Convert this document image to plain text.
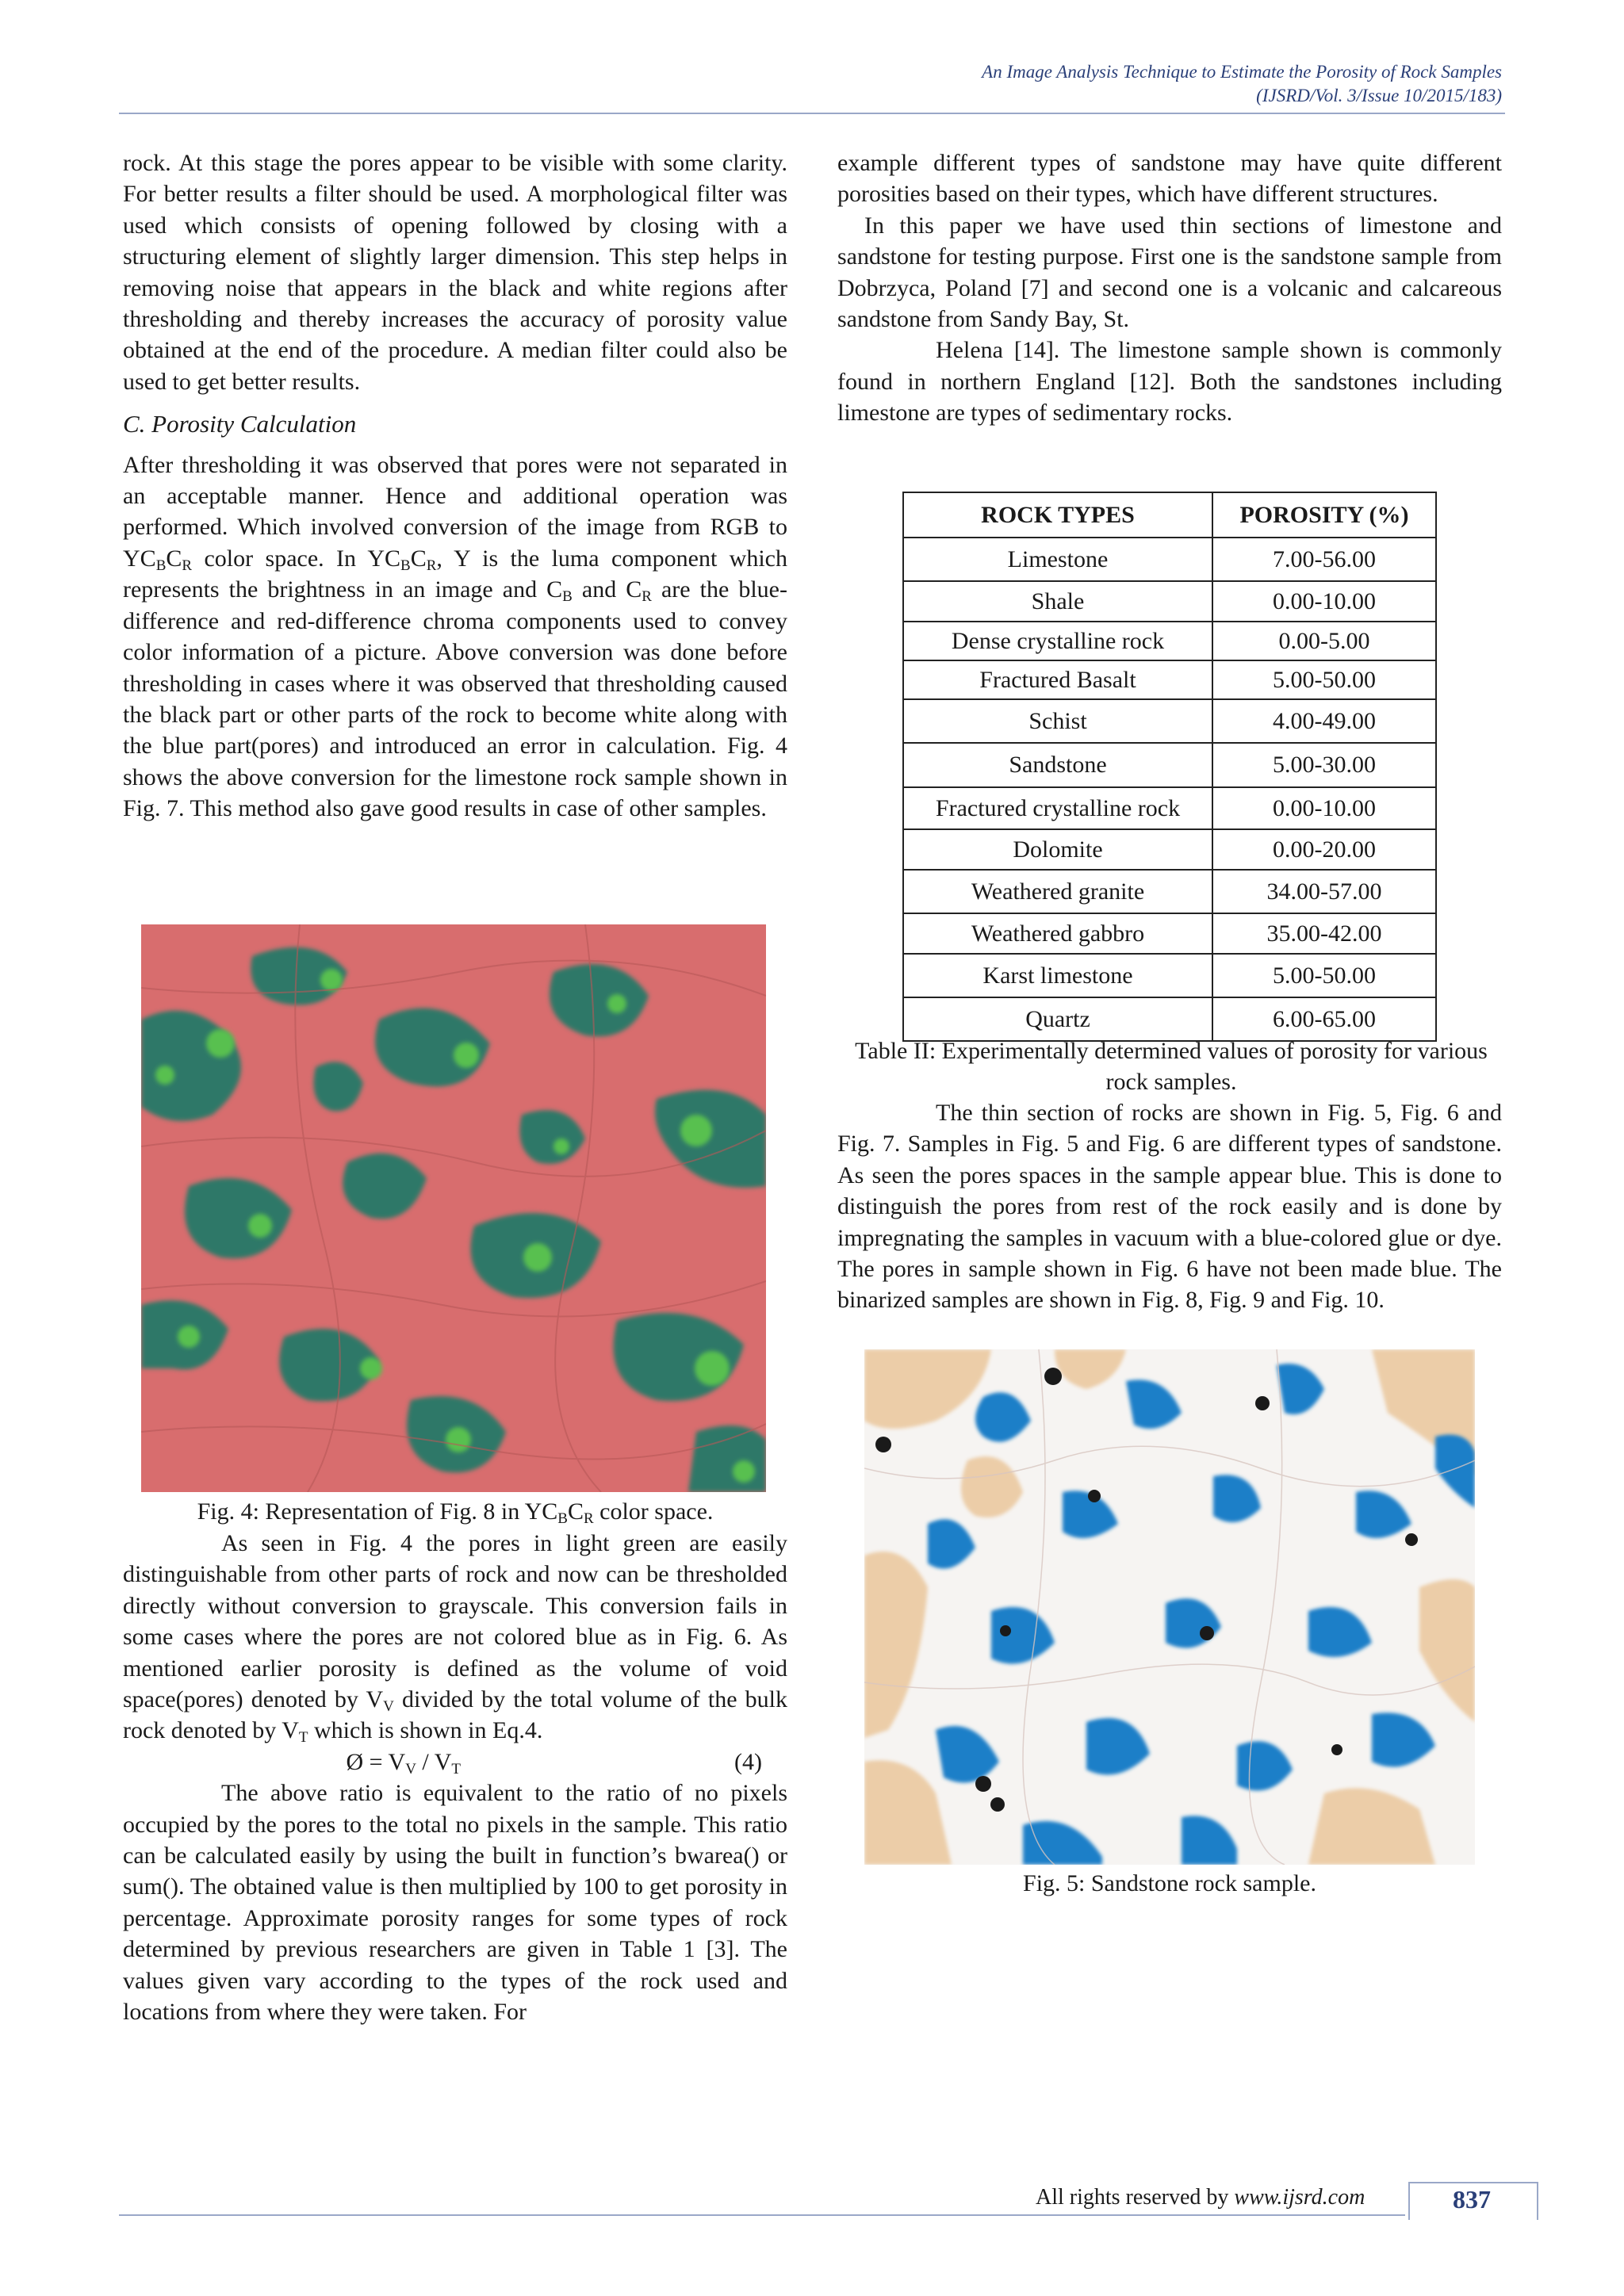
An Image Analysis Technique to Estimate the Porosity of Rock Samples
(IJSRD/Vol. 3/Issue 10/2015/183)

rock. At this stage the pores appear to be visible with some clarity. For better results a filter should be used. A morphological filter was used which consists of opening followed by closing with a structuring element of slightly larger dimension. This step helps in removing noise that appears in the black and white regions after thresholding and thereby increases the accuracy of porosity value obtained at the end of the procedure. A median filter could also be used to get better results.

C. Porosity Calculation

After thresholding it was observed that pores were not separated in an acceptable manner. Hence and additional operation was performed. Which involved conversion of the image from RGB to $YC_BC_R$ color space. In $YC_BC_R$, Y is the luma component which represents the brightness in an image and $C_B$ and $C_R$ are the blue-difference and red-difference chroma components used to convey color information of a picture. Above conversion was done before thresholding in cases where it was observed that thresholding caused the black part or other parts of the rock to become white along with the blue part(pores) and introduced an error in calculation. Fig. 4 shows the above conversion for the limestone rock sample shown in Fig. 7. This method also gave good results in case of other samples.

Fig. 4: Representation of Fig. 8 in $YC_BC_R$ color space.

As seen in Fig. 4 the pores in light green are easily distinguishable from other parts of rock and now can be thresholded directly without conversion to grayscale. This conversion fails in some cases where the pores are not colored blue as in Fig. 6. As mentioned earlier porosity is defined as the volume of void space(pores) denoted by $V_V$ divided by the total volume of the bulk rock denoted by $V_T$ which is shown in Eq.4.

Ø = $V_V / V_T$	(4)

The above ratio is equivalent to the ratio of no pixels occupied by the pores to the total no pixels in the sample. This ratio can be calculated easily by using the built in function’s bwarea() or sum(). The obtained value is then multiplied by 100 to get porosity in percentage. Approximate porosity ranges for some types of rock determined by previous researchers are given in Table 1 [3]. The values given vary according to the types of the rock used and locations from where they were taken. For

example different types of sandstone may have quite different porosities based on their types, which have different structures.

In this paper we have used thin sections of limestone and sandstone for testing purpose. First one is the sandstone sample from Dobrzyca, Poland [7] and second one is a volcanic and calcareous sandstone from Sandy Bay, St.

Helena [14]. The limestone sample shown is commonly found in northern England [12]. Both the sandstones including limestone are types of sedimentary rocks.

ROCK TYPES	POROSITY (%)
Limestone	7.00-56.00
Shale	0.00-10.00
Dense crystalline rock	0.00-5.00
Fractured Basalt	5.00-50.00
Schist	4.00-49.00
Sandstone	5.00-30.00
Fractured crystalline rock	0.00-10.00
Dolomite	0.00-20.00
Weathered granite	34.00-57.00
Weathered gabbro	35.00-42.00
Karst limestone	5.00-50.00
Quartz	6.00-65.00
Table II: Experimentally determined values of porosity for various rock samples.

The thin section of rocks are shown in Fig. 5, Fig. 6 and Fig. 7. Samples in Fig. 5 and Fig. 6 are different types of sandstone. As seen the pores spaces in the sample appear blue. This is done to distinguish the pores from rest of the rock easily and is done by impregnating the samples in vacuum with a blue-colored glue or dye. The pores in sample shown in Fig. 6 have not been made blue. The binarized samples are shown in Fig. 8, Fig. 9 and Fig. 10.

Fig. 5: Sandstone rock sample.
All rights reserved by www.ijsrd.com	837
